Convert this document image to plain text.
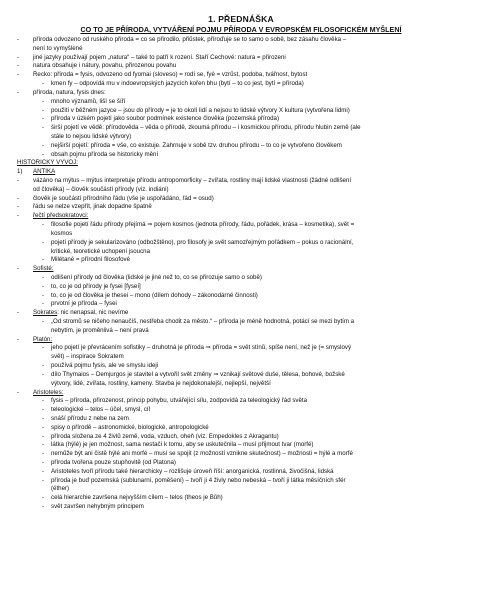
1. PŘEDNÁŠKA
CO TO JE PŘÍRODA, VYTVÁŘENÍ POJMU PŘÍRODA V EVROPSKÉM FILOSOFICKÉM MYŠLENÍ
- příroda odvozeno od ruského přiroda = co se přirodilo, přiůstek, příroďuje se to samo o sobě, bez zásahu člověka –
není to vymyšlené
- jiné jazyky používají pojem „natura“ – také to patří k rození. Staří Čechové: natura = přirozeni
- natura obsahuje i nátury, povahu, přirozenou povahu
- Řecko: příroda = fysis, odvozeno od fyomai (sloveso) = rodí se, fyé = vzrůst, podoba, tvářnost, bytost
- kmen fy – odpovídá mu v indoevropských jazycích kořen bhu (bytí – to co jest, bytí = příroda)
- příroda, natura, fysis dnes:
- mnoho významů, liší se šíří
- použití v běžném jazyce – jsou do přírody = je to okolí lidí a nejsou to lidské výtvory X kultura (vytvořena lidmi)
- příroda v úzkém pojetí jako soubor podmínek existence člověka (pozemská příroda)
- širší pojetí ve vědě: přírodověda – věda o přírodě, zkoumá přírodu – i kosmickou přírodu, přírodu hlubin země (ale
stále to nejsou lidské výtvory)
- nejširší pojetí: příroda = vše, co existuje. Zahrnuje v sobě tzv. druhou přírodu – to co je vytvořeno člověkem
- obsah pojmu příroda se historicky mění
HISTORICKÝ VÝVOJ:
1) ANTIKA
- vázáno na mýtus – mýtus interpretuje přírodu antropomorficky – zvířata, rostliny mají lidské vlastnosti (žádné odlišení
od člověka) – člověk součástí přírody (viz. indiáni)
- člověk je součástí přírodního řádu (vše je uspořádáno, řád = osud)
- řádu se nelze vzepřít, jinak dopadne špatně
- řečtí předsokratovci:
- filosofie pojetí řádu přírody přejímá ⇒ pojem kosmos (jednota přírody, řádu, pořádek, krása – kosmetika), svět =
kosmos
- pojetí přírody je sekularizováno (odbožštěno), pro filosofy je svět samozřejmým pořádkem – pokus o racionální,
kritické, teoretické uchopení jsoucna
- Milétané = přírodní filosofové
- Sofisté:
- odlišení přírody od člověka (lidské je jiné než to, co se přirozuje samo o sobě)
- to, co je od přírody je fysei [fyseí]
- to, co je od člověka je thesei – mono (dílem dohody – zákonodárné činnosti)
- prvotní je příroda – fysei
- Sokrates: nic nenapsal, nic nevíme
- „Od stromů se ničeho nenaučíš, nestřeba chodit za město.“ – příroda je méně hodnotná, potácí se mezi bytím a
nebytím, je proměnlivá – není pravá
- Platón:
- jeho pojetí je převrácením sofistiky – druhotná je příroda ⇒ příroda = svět stínů, spíše není, než je (= smyslový
svět) – inspirace Sokratem
- používá pojmu fysis, ale ve smyslu ideji
- dílo Thymaios – Demjurgos je stavitel a vytvořil svět změny ⇒ vznikají světové duše, tělesa, bohové, božské
výtvory, lidé, zvířata, rostliny, kameny. Stavba je nejdokonalejší, nejlepší, největší
- Aristoteles:
- fysis – příroda, přirozenost, princip pohybu, utvářející sílu, zodpovídá za teleologický řád světa
- teleologické – telos – účel, smysl, cíl
- snáší přírodu z nebe na zem
- spisy o přírodě – astronomické, biologické, antropologické
- příroda složena ze 4 živlů země, voda, vzduch, oheň (viz. Empedokles z Akragantu)
- látka (hýlé) je jen možnost, sama nestačí k tomu, aby se uskutečnila – musí přijmout tvar (morfé)
- nemůže být ani čistě hýlé ani morfé – musí se spojit (z možností vznikne skutečnost) – možnosti = hýlé a morfé
- příroda tvořena pouze stupňovitě (od Platona)
- Aristoteles tvoří přírodu také hierarchicky – rozlišuje úroveň říší: anorganická, rostlinná, živočišná, lidská
- příroda je buď pozemská (sublunarní, poměšení) – tvoří ji 4 živly nebo nebeská – tvoří ji látka měsíčních sfér
(éther)
- celá hierarchie završena nejvyšším cílem – telos (theos je Bůh)
- svět završen nehybným principem
